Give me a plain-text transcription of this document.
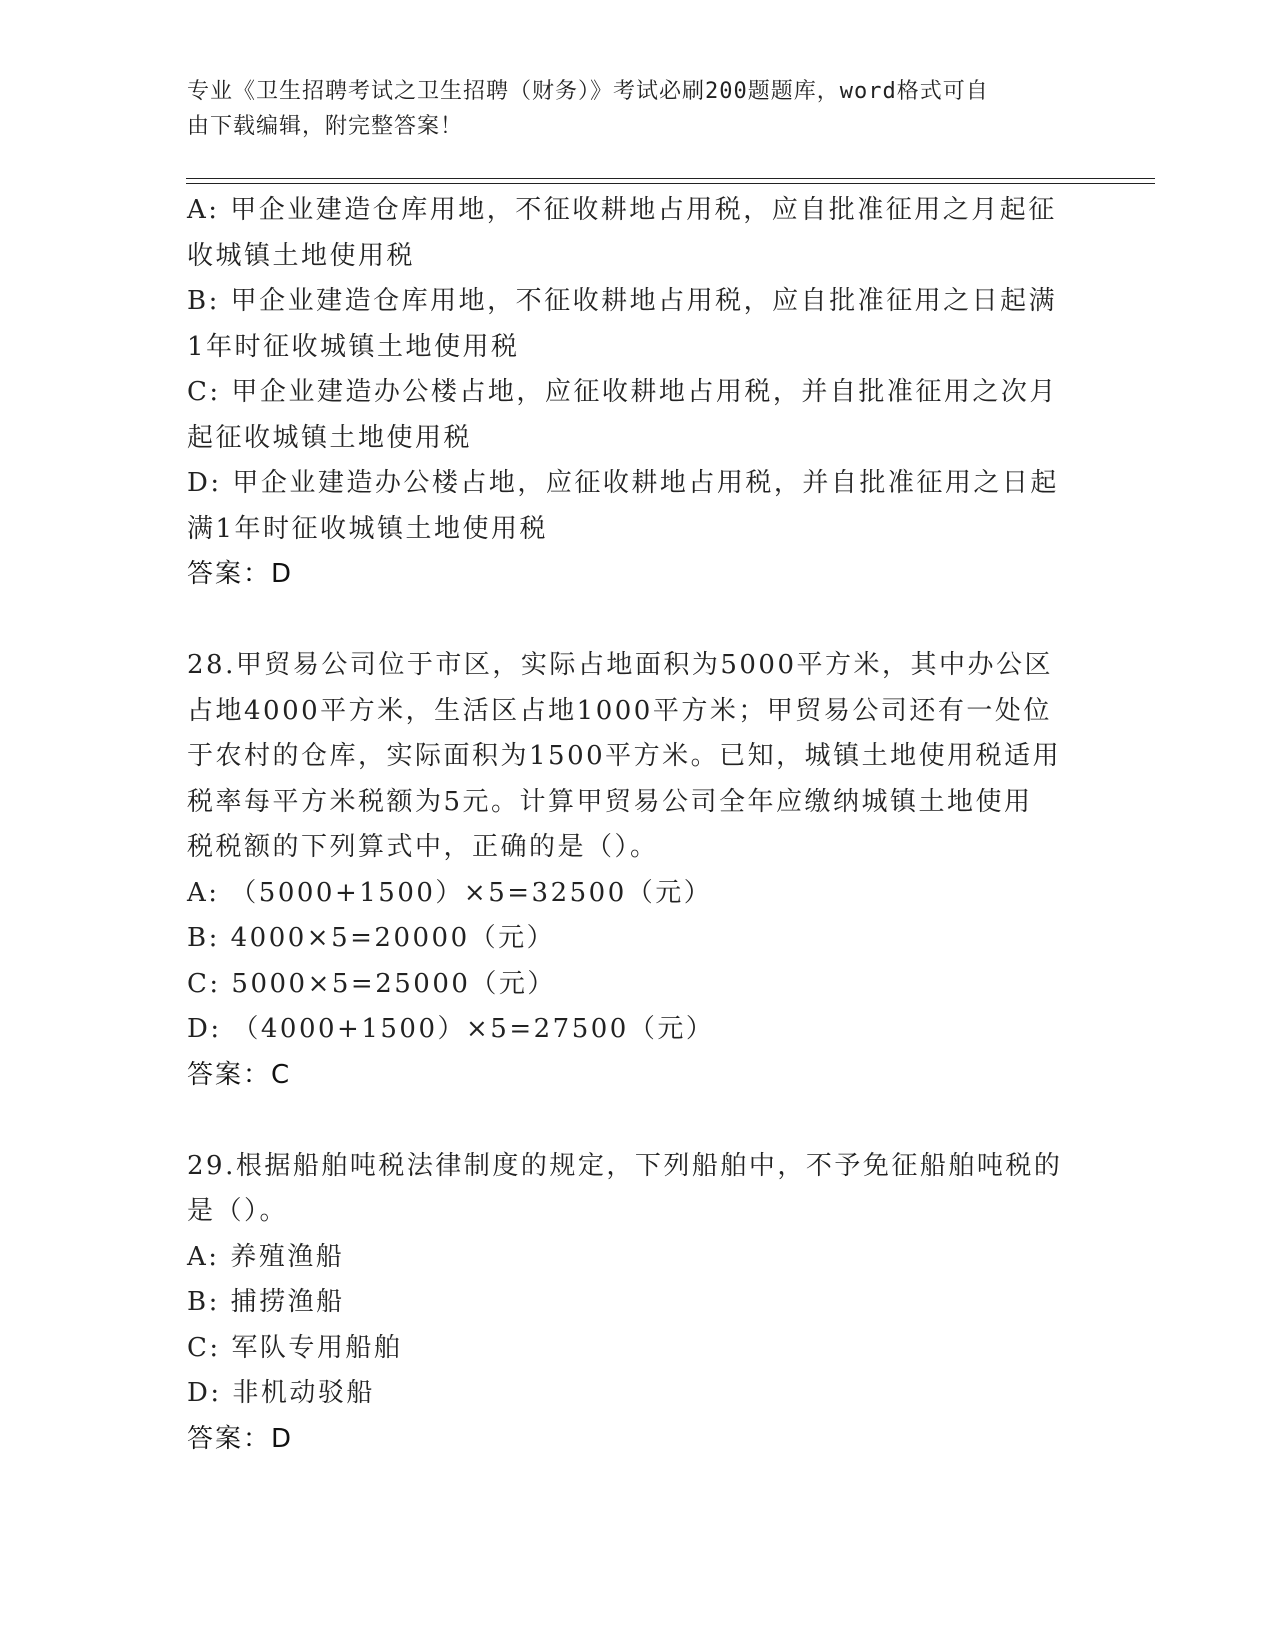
专业《卫生招聘考试之卫生招聘（财务）》考试必刷200题题库，word格式可自
由下载编辑，附完整答案！
A: 甲企业建造仓库用地，不征收耕地占用税，应自批准征用之月起征
收城镇土地使用税
B: 甲企业建造仓库用地，不征收耕地占用税，应自批准征用之日起满
1年时征收城镇土地使用税
C: 甲企业建造办公楼占地，应征收耕地占用税，并自批准征用之次月
起征收城镇土地使用税
D: 甲企业建造办公楼占地，应征收耕地占用税，并自批准征用之日起
满1年时征收城镇土地使用税
答案：D
28.甲贸易公司位于市区，实际占地面积为5000平方米，其中办公区
占地4000平方米，生活区占地1000平方米；甲贸易公司还有一处位
于农村的仓库，实际面积为1500平方米。已知，城镇土地使用税适用
税率每平方米税额为5元。计算甲贸易公司全年应缴纳城镇土地使用
税税额的下列算式中，正确的是（）。
A: （5000+1500）×5=32500（元）
B: 4000×5=20000（元）
C: 5000×5=25000（元）
D: （4000+1500）×5=27500（元）
答案：C
29.根据船舶吨税法律制度的规定，下列船舶中，不予免征船舶吨税的
是（）。
A: 养殖渔船
B: 捕捞渔船
C: 军队专用船舶
D: 非机动驳船
答案：D
